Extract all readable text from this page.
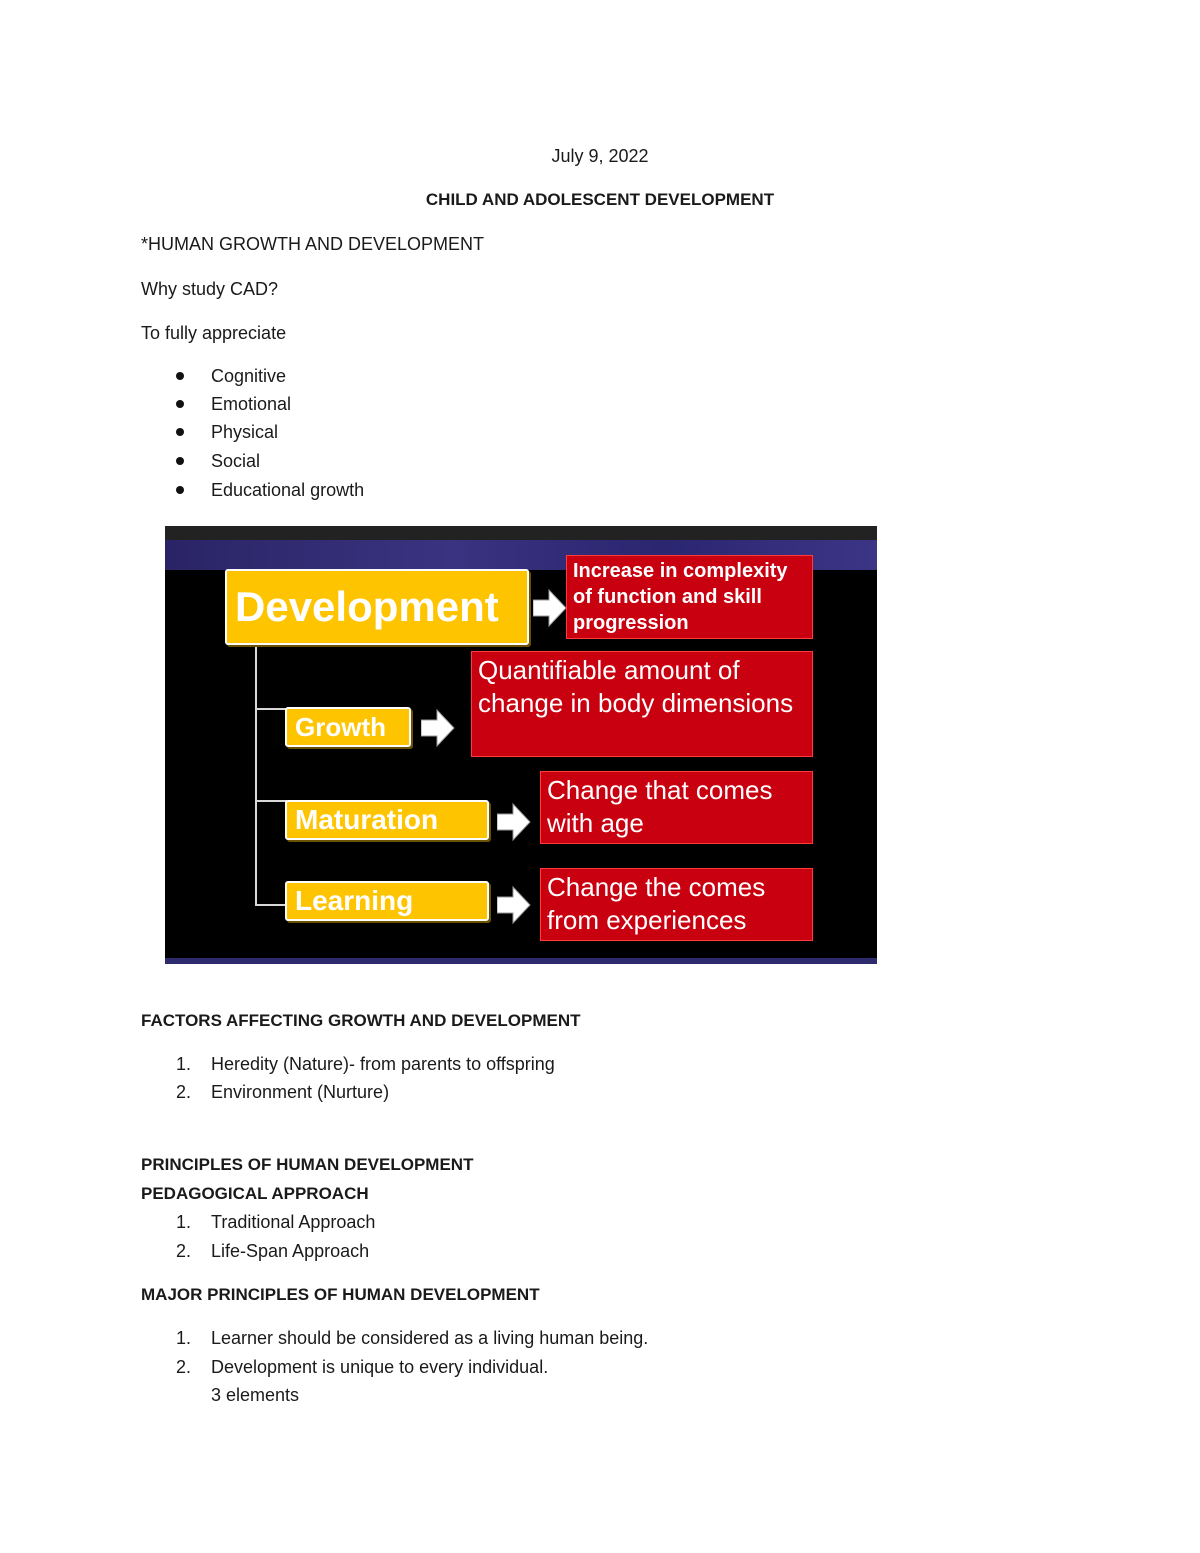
July 9, 2022
CHILD AND ADOLESCENT DEVELOPMENT
*HUMAN GROWTH AND DEVELOPMENT
Why study CAD?
To fully appreciate
Cognitive
Emotional
Physical
Social
Educational growth
Development
Increase in complexity of function and skill progression
Growth
Quantifiable amount of change in body dimensions
Maturation
Change that comes with age
Learning	Change the comes from experiences
FACTORS AFFECTING GROWTH AND DEVELOPMENT
1. Heredity (Nature)- from parents to offspring
2. Environment (Nurture)
PRINCIPLES OF HUMAN DEVELOPMENT
PEDAGOGICAL APPROACH
1. Traditional Approach
2. Life-Span Approach
MAJOR PRINCIPLES OF HUMAN DEVELOPMENT
1. Learner should be considered as a living human being.
2. Development is unique to every individual.
3 elements
